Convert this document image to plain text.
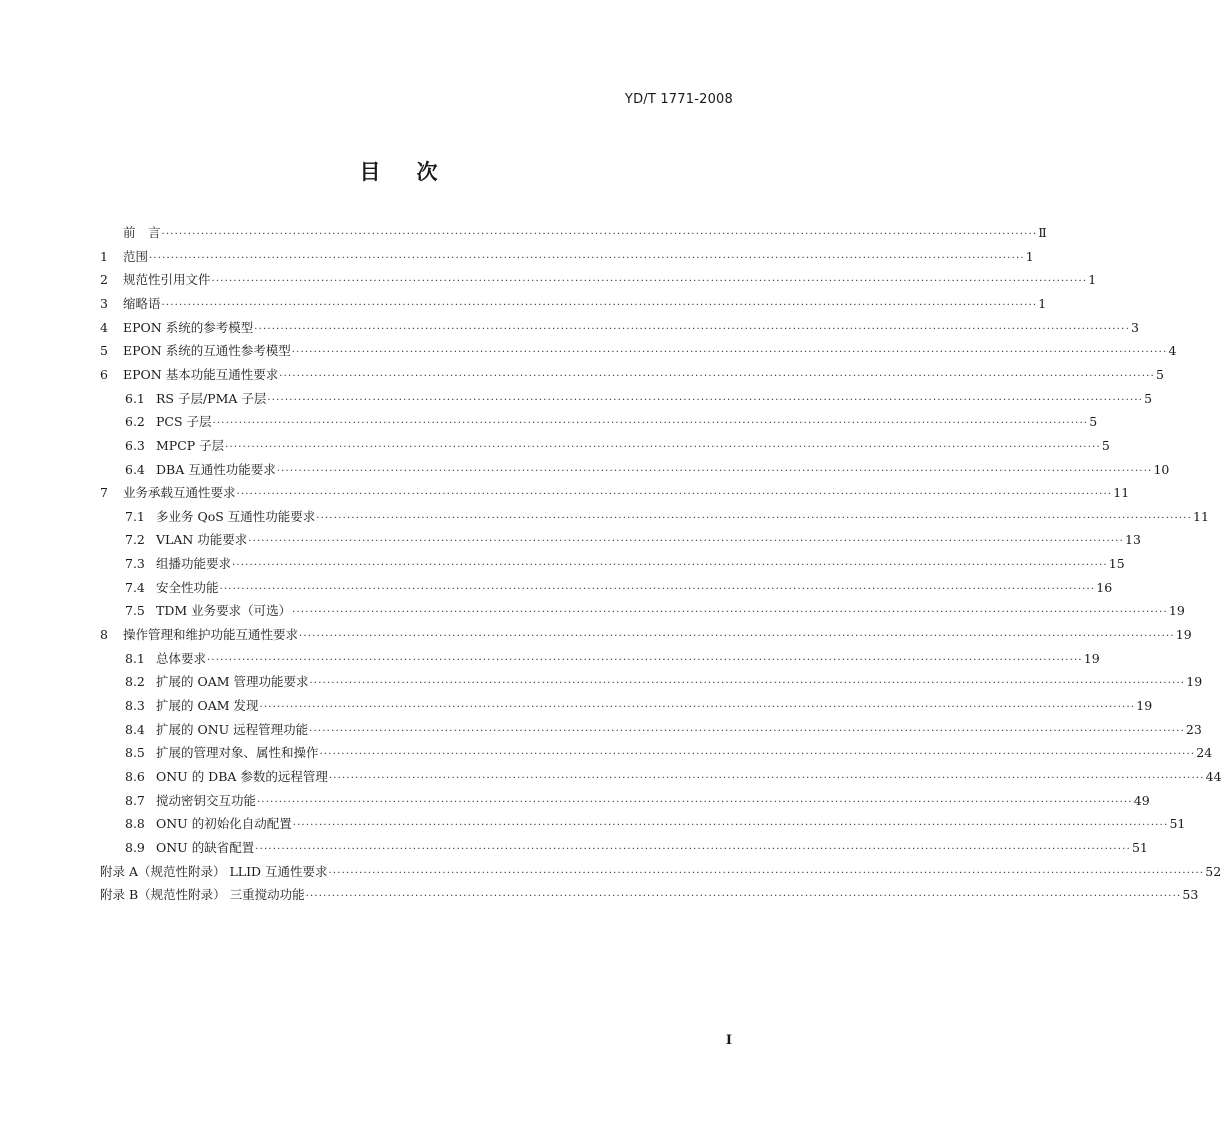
YD/T 1771-2008
目 次
前　言 ········································································································································································································ Ⅱ
1	范围 ········································································································································································································ 1
2	规范性引用文件 ········································································································································································································ 1
3	缩略语 ········································································································································································································ 1
4	EPON 系统的参考模型 ········································································································································································································ 3
5	EPON 系统的互通性参考模型 ········································································································································································································ 4
6	EPON 基本功能互通性要求 ········································································································································································································ 5
6.1 RS 子层/PMA 子层 ········································································································································································································ 5
6.2 PCS 子层 ········································································································································································································ 5
6.3 MPCP 子层 ········································································································································································································ 5
6.4 DBA 互通性功能要求 ········································································································································································································ 10
7	业务承载互通性要求 ········································································································································································································ 11
7.1 多业务 QoS 互通性功能要求 ········································································································································································································ 11
7.2 VLAN 功能要求 ········································································································································································································ 13
7.3 组播功能要求 ········································································································································································································ 15
7.4 安全性功能 ········································································································································································································ 16
7.5 TDM 业务要求（可选） ········································································································································································································ 19
8	操作管理和维护功能互通性要求 ········································································································································································································ 19
8.1 总体要求 ········································································································································································································ 19
8.2 扩展的 OAM 管理功能要求 ········································································································································································································ 19
8.3 扩展的 OAM 发现 ········································································································································································································ 19
8.4 扩展的 ONU 远程管理功能 ········································································································································································································ 23
8.5 扩展的管理对象、属性和操作 ········································································································································································································ 24
8.6 ONU 的 DBA 参数的远程管理 ········································································································································································································ 44
8.7 搅动密钥交互功能 ········································································································································································································ 49
8.8 ONU 的初始化自动配置 ········································································································································································································ 51
8.9 ONU 的缺省配置 ········································································································································································································ 51
附录 A（规范性附录） LLID 互通性要求 ········································································································································································································ 52
附录 B（规范性附录） 三重搅动功能 ········································································································································································································ 53
I
